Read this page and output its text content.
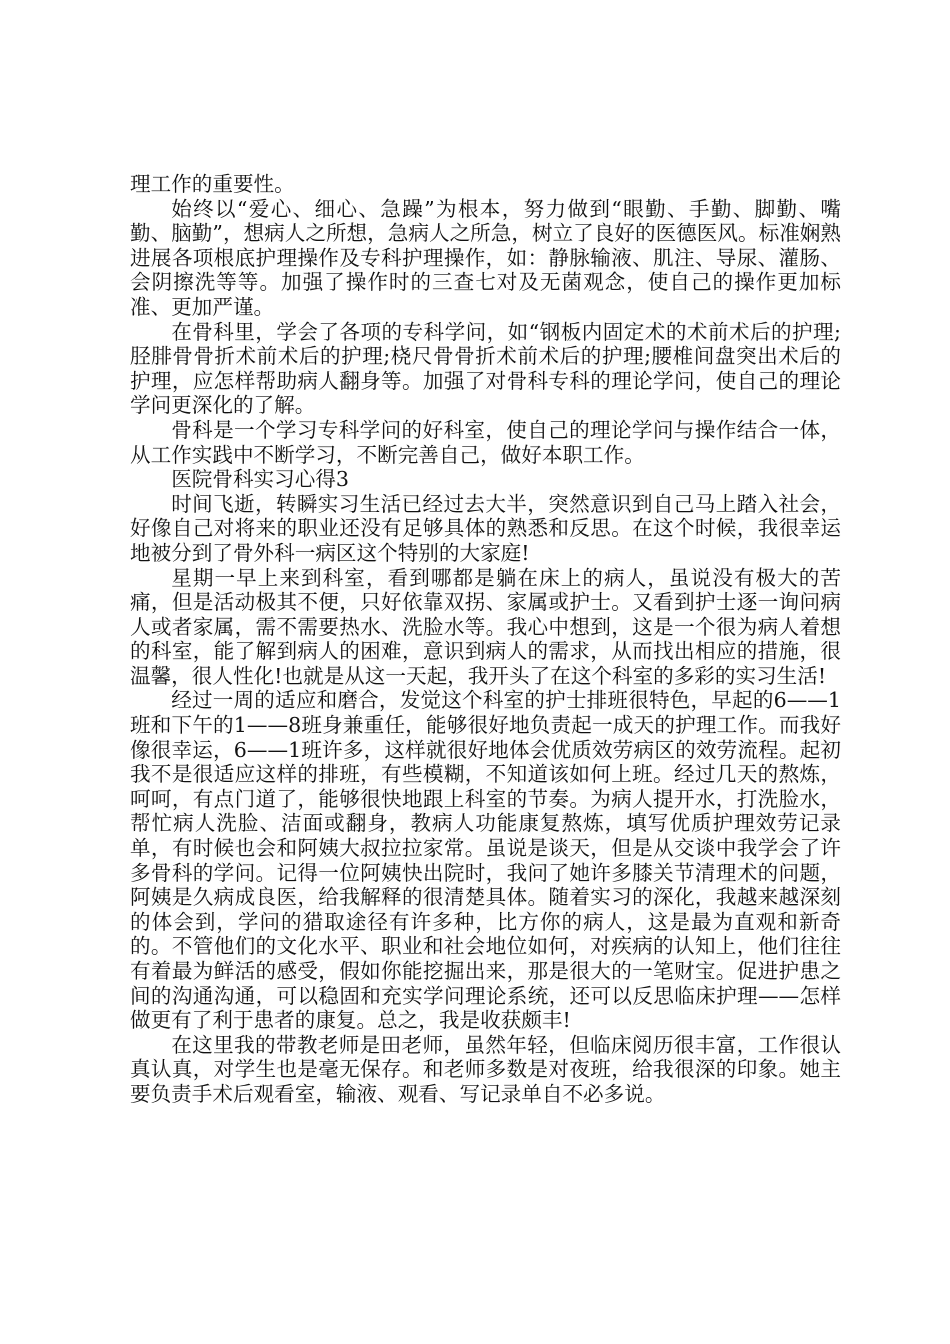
理工作的重要性。

始终以“爱心、细心、急躁”为根本，努力做到“眼勤、手勤、脚勤、嘴勤、脑勤”，想病人之所想，急病人之所急，树立了良好的医德医风。标准娴熟进展各项根底护理操作及专科护理操作，如：静脉输液、肌注、导尿、灌肠、会阴擦洗等等。加强了操作时的三查七对及无菌观念，使自己的操作更加标准、更加严谨。

在骨科里，学会了各项的专科学问，如“钢板内固定术的术前术后的护理;胫腓骨骨折术前术后的护理;桡尺骨骨折术前术后的护理;腰椎间盘突出术后的护理，应怎样帮助病人翻身等。加强了对骨科专科的理论学问，使自己的理论学问更深化的了解。

骨科是一个学习专科学问的好科室，使自己的理论学问与操作结合一体，从工作实践中不断学习，不断完善自己，做好本职工作。

医院骨科实习心得3

时间飞逝，转瞬实习生活已经过去大半，突然意识到自己马上踏入社会，好像自己对将来的职业还没有足够具体的熟悉和反思。在这个时候，我很幸运地被分到了骨外科一病区这个特别的大家庭!

星期一早上来到科室，看到哪都是躺在床上的病人，虽说没有极大的苦痛，但是活动极其不便，只好依靠双拐、家属或护士。又看到护士逐一询问病人或者家属，需不需要热水、洗脸水等。我心中想到，这是一个很为病人着想的科室，能了解到病人的困难，意识到病人的需求，从而找出相应的措施，很温馨，很人性化!也就是从这一天起，我开头了在这个科室的多彩的实习生活!

经过一周的适应和磨合，发觉这个科室的护士排班很特色，早起的6——1班和下午的1——8班身兼重任，能够很好地负责起一成天的护理工作。而我好像很幸运，6——1班许多，这样就很好地体会优质效劳病区的效劳流程。起初我不是很适应这样的排班，有些模糊，不知道该如何上班。经过几天的熬炼，呵呵，有点门道了，能够很快地跟上科室的节奏。为病人提开水，打洗脸水，帮忙病人洗脸、洁面或翻身，教病人功能康复熬炼，填写优质护理效劳记录单，有时候也会和阿姨大叔拉拉家常。虽说是谈天，但是从交谈中我学会了许多骨科的学问。记得一位阿姨快出院时，我问了她许多膝关节清理术的问题，阿姨是久病成良医，给我解释的很清楚具体。随着实习的深化，我越来越深刻的体会到，学问的猎取途径有许多种，比方你的病人，这是最为直观和新奇的。不管他们的文化水平、职业和社会地位如何，对疾病的认知上，他们往往有着最为鲜活的感受，假如你能挖掘出来，那是很大的一笔财宝。促进护患之间的沟通沟通，可以稳固和充实学问理论系统，还可以反思临床护理——怎样做更有了利于患者的康复。总之，我是收获颇丰!

在这里我的带教老师是田老师，虽然年轻，但临床阅历很丰富，工作很认真认真，对学生也是毫无保存。和老师多数是对夜班，给我很深的印象。她主要负责手术后观看室，输液、观看、写记录单自不必多说。
